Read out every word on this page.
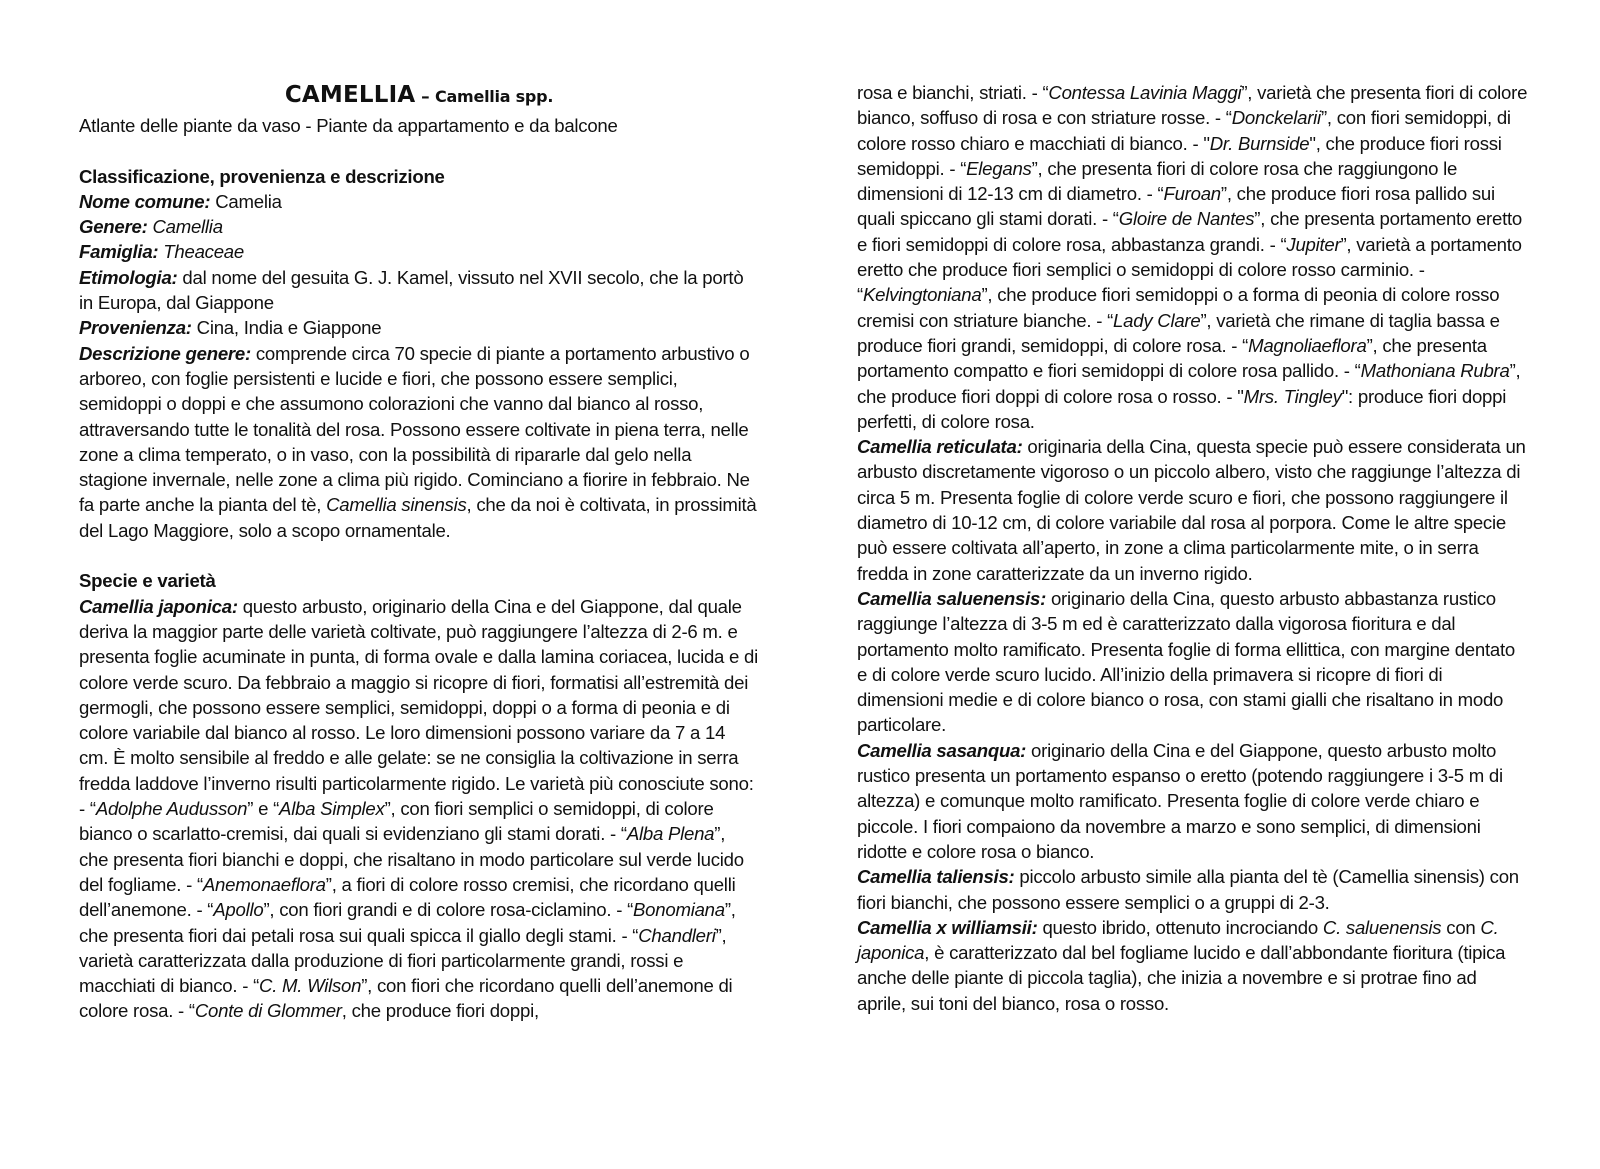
CAMELLIA – Camellia spp.

Atlante delle piante da vaso - Piante da appartamento e da balcone

Classificazione, provenienza e descrizione

Nome comune: Camelia

Genere: Camellia

Famiglia: Theaceae

Etimologia: dal nome del gesuita G. J. Kamel, vissuto nel XVII secolo, che la portò in Europa, dal Giappone

Provenienza: Cina, India e Giappone

Descrizione genere: comprende circa 70 specie di piante a portamento arbustivo o arboreo, con foglie persistenti e lucide e fiori, che possono essere semplici, semidoppi o doppi e che assumono colorazioni che vanno dal bianco al rosso, attraversando tutte le tonalità del rosa. Possono essere coltivate in piena terra, nelle zone a clima temperato, o in vaso, con la possibilità di ripararle dal gelo nella stagione invernale, nelle zone a clima più rigido. Cominciano a fiorire in febbraio. Ne fa parte anche la pianta del tè, Camellia sinensis, che da noi è coltivata, in prossimità del Lago Maggiore, solo a scopo ornamentale.

Specie e varietà

Camellia japonica: questo arbusto, originario della Cina e del Giappone, dal quale deriva la maggior parte delle varietà coltivate, può raggiungere l’altezza di 2-6 m. e presenta foglie acuminate in punta, di forma ovale e dalla lamina coriacea, lucida e di colore verde scuro. Da febbraio a maggio si ricopre di fiori, formatisi all’estremità dei germogli, che possono essere semplici, semidoppi, doppi o a forma di peonia e di colore variabile dal bianco al rosso. Le loro dimensioni possono variare da 7 a 14 cm. È molto sensibile al freddo e alle gelate: se ne consiglia la coltivazione in serra fredda laddove l’inverno risulti particolarmente rigido. Le varietà più conosciute sono: - “Adolphe Audusson” e “Alba Simplex”, con fiori semplici o semidoppi, di colore bianco o scarlatto-cremisi, dai quali si evidenziano gli stami dorati. - “Alba Plena”, che presenta fiori bianchi e doppi, che risaltano in modo particolare sul verde lucido del fogliame. - “Anemonaeflora”, a fiori di colore rosso cremisi, che ricordano quelli dell’anemone. - “Apollo”, con fiori grandi e di colore rosa-ciclamino. - “Bonomiana”, che presenta fiori dai petali rosa sui quali spicca il giallo degli stami. - “Chandleri”, varietà caratterizzata dalla produzione di fiori particolarmente grandi, rossi e macchiati di bianco. - “C. M. Wilson”, con fiori che ricordano quelli dell’anemone di colore rosa. - “Conte di Glommer, che produce fiori doppi,

rosa e bianchi, striati. - “Contessa Lavinia Maggi”, varietà che presenta fiori di colore bianco, soffuso di rosa e con striature rosse. - “Donckelarii”, con fiori semidoppi, di colore rosso chiaro e macchiati di bianco. - "Dr. Burnside", che produce fiori rossi semidoppi. - “Elegans”, che presenta fiori di colore rosa che raggiungono le dimensioni di 12-13 cm di diametro. - “Furoan”, che produce fiori rosa pallido sui quali spiccano gli stami dorati. - “Gloire de Nantes”, che presenta portamento eretto e fiori semidoppi di colore rosa, abbastanza grandi. - “Jupiter”, varietà a portamento eretto che produce fiori semplici o semidoppi di colore rosso carminio. - “Kelvingtoniana”, che produce fiori semidoppi o a forma di peonia di colore rosso cremisi con striature bianche. - “Lady Clare”, varietà che rimane di taglia bassa e produce fiori grandi, semidoppi, di colore rosa. - “Magnoliaeflora”, che presenta portamento compatto e fiori semidoppi di colore rosa pallido. - “Mathoniana Rubra”, che produce fiori doppi di colore rosa o rosso. - "Mrs. Tingley": produce fiori doppi perfetti, di colore rosa.

Camellia reticulata: originaria della Cina, questa specie può essere considerata un arbusto discretamente vigoroso o un piccolo albero, visto che raggiunge l’altezza di circa 5 m. Presenta foglie di colore verde scuro e fiori, che possono raggiungere il diametro di 10-12 cm, di colore variabile dal rosa al porpora. Come le altre specie può essere coltivata all’aperto, in zone a clima particolarmente mite, o in serra fredda in zone caratterizzate da un inverno rigido.

Camellia saluenensis: originario della Cina, questo arbusto abbastanza rustico raggiunge l’altezza di 3-5 m ed è caratterizzato dalla vigorosa fioritura e dal portamento molto ramificato. Presenta foglie di forma ellittica, con margine dentato e di colore verde scuro lucido. All’inizio della primavera si ricopre di fiori di dimensioni medie e di colore bianco o rosa, con stami gialli che risaltano in modo particolare.

Camellia sasanqua: originario della Cina e del Giappone, questo arbusto molto rustico presenta un portamento espanso o eretto (potendo raggiungere i 3-5 m di altezza) e comunque molto ramificato. Presenta foglie di colore verde chiaro e piccole. I fiori compaiono da novembre a marzo e sono semplici, di dimensioni ridotte e colore rosa o bianco.

Camellia taliensis: piccolo arbusto simile alla pianta del tè (Camellia sinensis) con fiori bianchi, che possono essere semplici o a gruppi di 2-3.

Camellia x williamsii: questo ibrido, ottenuto incrociando C. saluenensis con C. japonica, è caratterizzato dal bel fogliame lucido e dall’abbondante fioritura (tipica anche delle piante di piccola taglia), che inizia a novembre e si protrae fino ad aprile, sui toni del bianco, rosa o rosso.
